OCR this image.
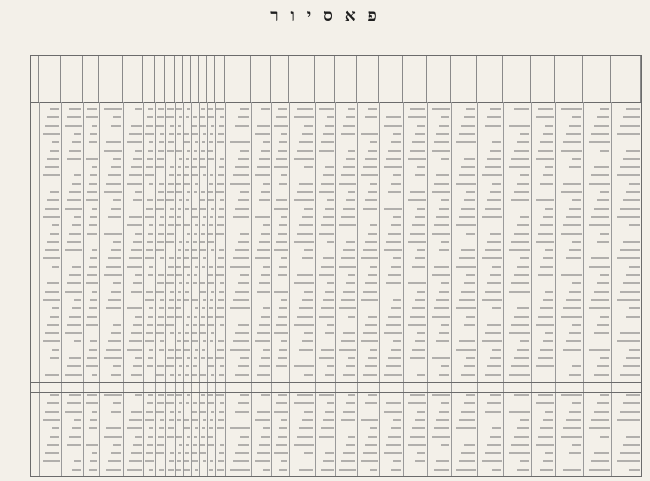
פ א ס י ו ר
